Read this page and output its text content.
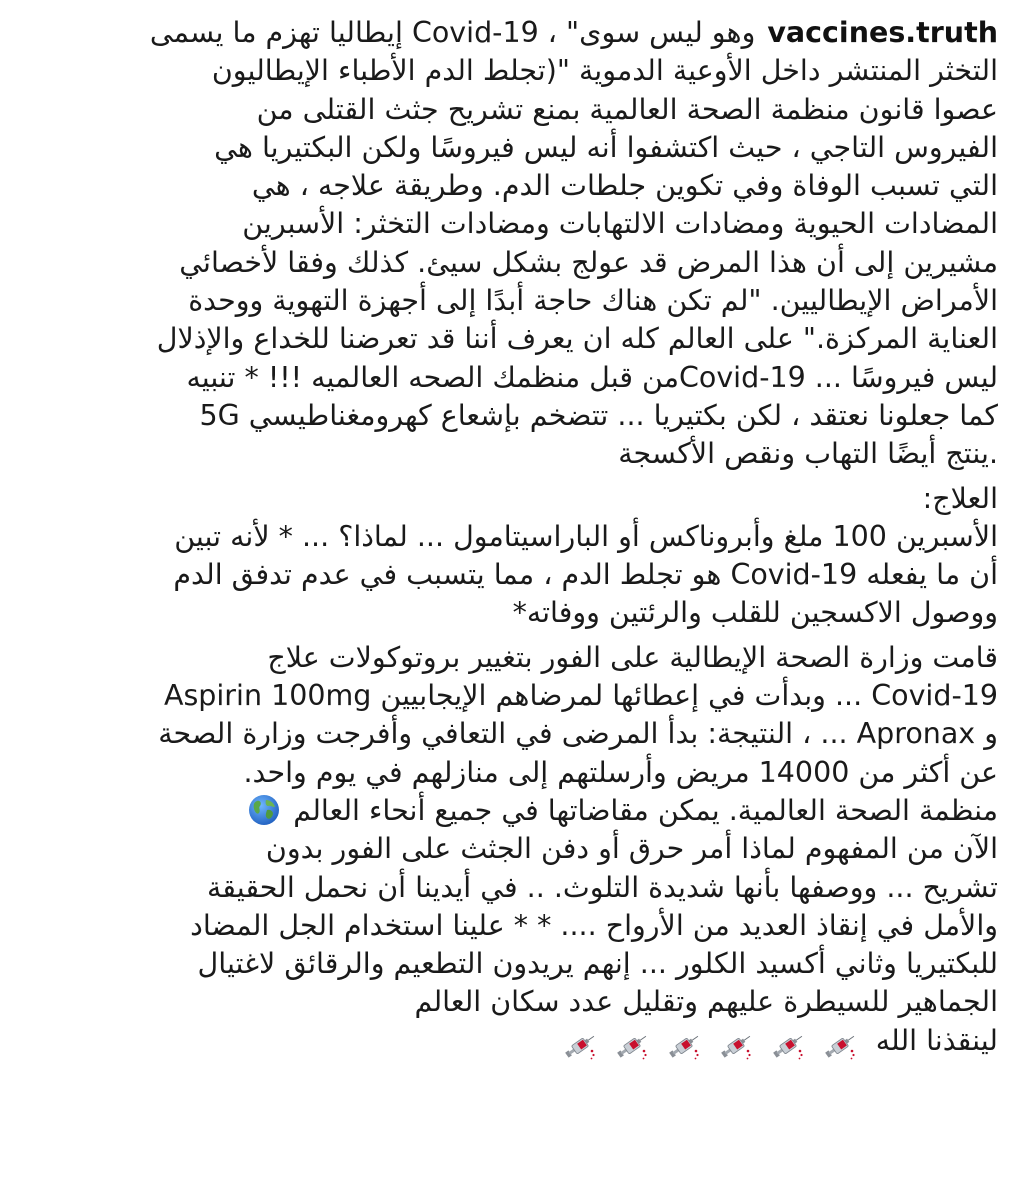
vaccines.truthوهو ليس سوى" ، Covid-19 إيطاليا تهزم ما يسمى
التخثر المنتشر داخل الأوعية الدموية "(تجلط الدم الأطباء الإيطاليون
عصوا قانون منظمة الصحة العالمية بمنع تشريح جثث القتلى من
الفيروس التاجي ، حيث اكتشفوا أنه ليس فيروسًا ولكن البكتيريا هي
التي تسبب الوفاة وفي تكوين جلطات الدم. وطريقة علاجه ، هي
المضادات الحيوية ومضادات الالتهابات ومضادات التخثر: الأسبرين
مشيرين إلى أن هذا المرض قد عولج بشكل سيئ. كذلك وفقا لأخصائي
الأمراض الإيطاليين. "لم تكن هناك حاجة أبدًا إلى أجهزة التهوية ووحدة
العناية المركزة." على العالم كله ان يعرف أننا قد تعرضنا للخداع والإذلال
ليس فيروسًا ... Covid-19من قبل منظمك الصحه العالميه !!! * تنبيه
كما جعلونا نعتقد ، لكن بكتيريا ... تتضخم بإشعاع كهرومغناطيسي 5G
.ينتج أيضًا التهاب ونقص الأكسجة

العلاج:
الأسبرين 100 ملغ وأبروناكس أو الباراسيتامول ... لماذا؟ ... * لأنه تبين
أن ما يفعله Covid-19 هو تجلط الدم ، مما يتسبب في عدم تدفق الدم
ووصول الاكسجين للقلب والرئتين ووفاته*

قامت وزارة الصحة الإيطالية على الفور بتغيير بروتوكولات علاج
Covid-19 ... وبدأت في إعطائها لمرضاهم الإيجابيين Aspirin 100mg
و Apronax ... ، النتيجة: بدأ المرضى في التعافي وأفرجت وزارة الصحة
عن أكثر من 14000 مريض وأرسلتهم إلى منازلهم في يوم واحد.
منظمة الصحة العالمية. يمكن مقاضاتها في جميع أنحاء العالم
الآن من المفهوم لماذا أمر حرق أو دفن الجثث على الفور بدون
تشريح ... ووصفها بأنها شديدة التلوث. .. في أيدينا أن نحمل الحقيقة
والأمل في إنقاذ العديد من الأرواح .... * * علينا استخدام الجل المضاد
للبكتيريا وثاني أكسيد الكلور ... إنهم يريدون التطعيم والرقائق لاغتيال
الجماهير للسيطرة عليهم وتقليل عدد سكان العالم
لينقذنا الله
